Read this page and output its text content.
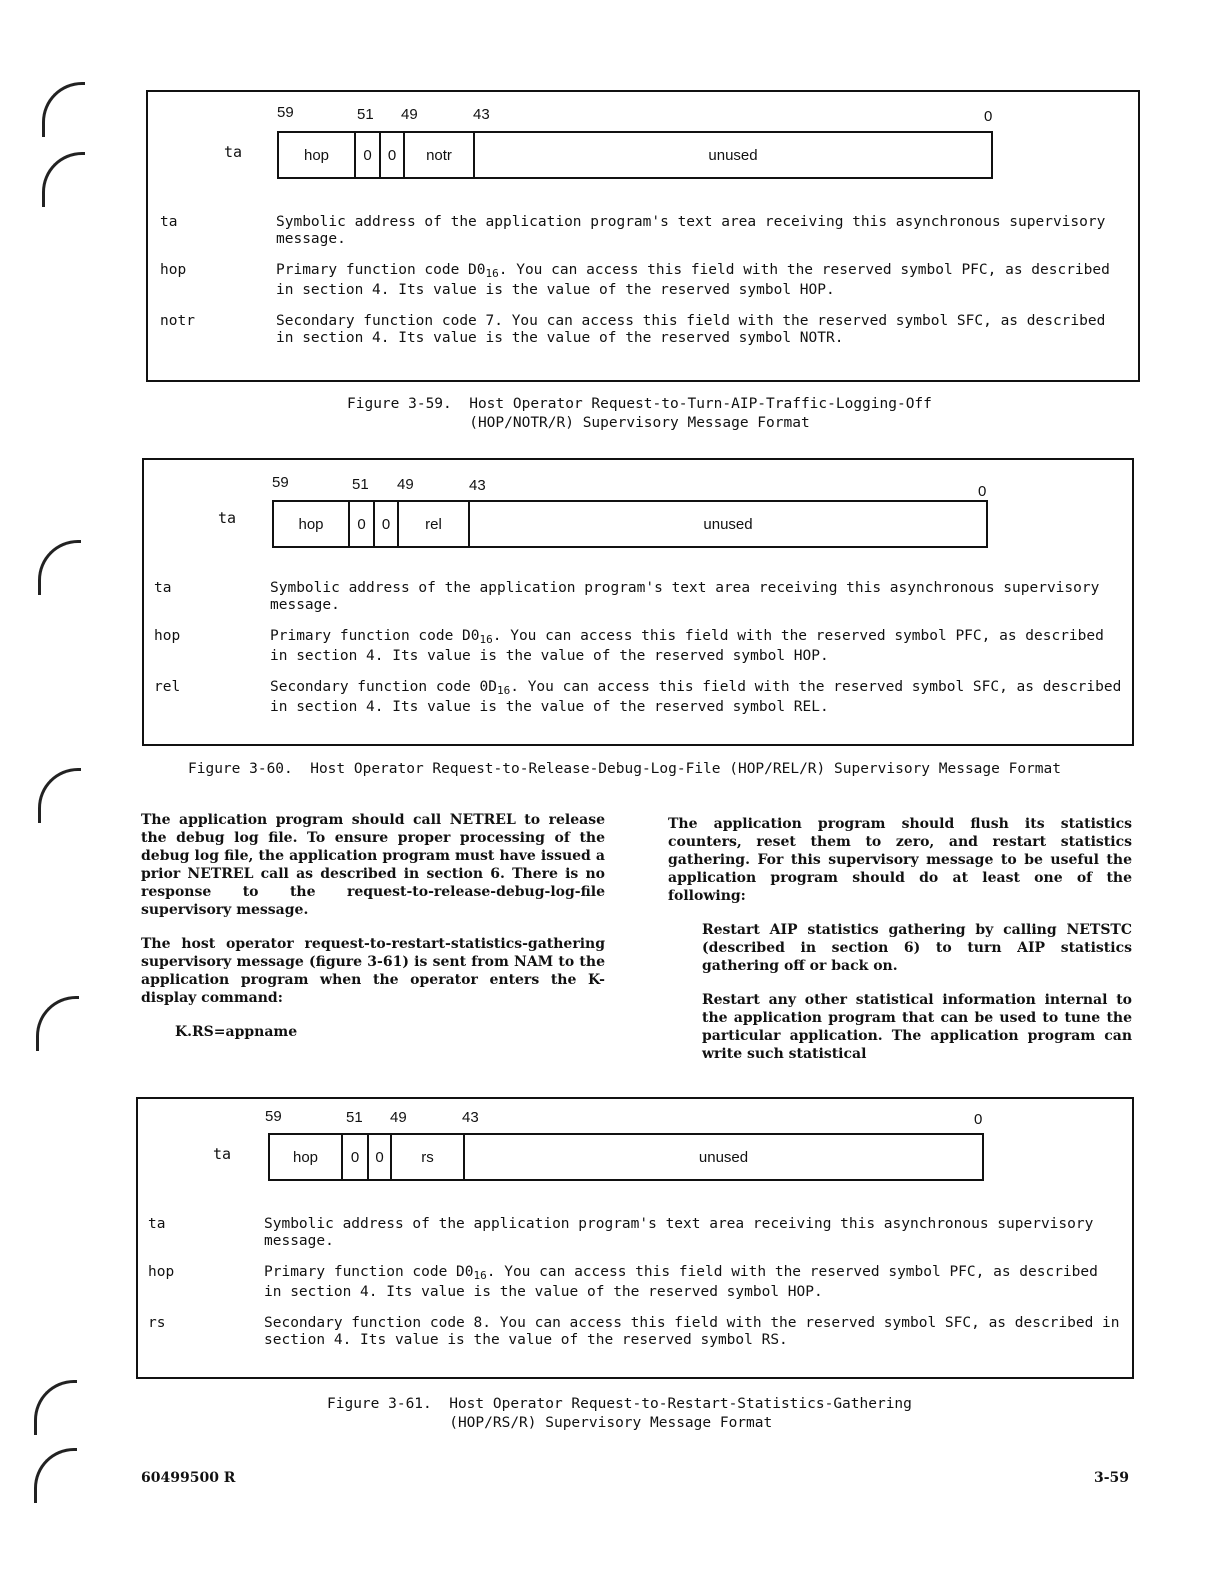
59	51 49	43	0
ta	hop	0	0	notr	unused
ta	Symbolic address of the application program's text area receiving this asynchronous supervisory message.
hop	Primary function code $D0_{16}$. You can access this field with the reserved symbol PFC, as described in section 4. Its value is the value of the reserved symbol HOP.
notr	Secondary function code 7. You can access this field with the reserved symbol SFC, as described in section 4. Its value is the value of the reserved symbol NOTR.
Figure 3-59.  Host Operator Request-to-Turn-AIP-Traffic-Logging-Off
(HOP/NOTR/R) Supervisory Message Format
59	51 49	43	0
ta	hop	0	0	rel	unused
ta	Symbolic address of the application program's text area receiving this asynchronous supervisory message.
hop	Primary function code $D0_{16}$. You can access this field with the reserved symbol PFC, as described in section 4. Its value is the value of the reserved symbol HOP.
rel	Secondary function code $0D_{16}$. You can access this field with the reserved symbol SFC, as described in section 4. Its value is the value of the reserved symbol REL.
Figure 3-60.  Host Operator Request-to-Release-Debug-Log-File (HOP/REL/R) Supervisory Message Format

The application program should call NETREL to release the debug log file. To ensure proper processing of the debug log file, the application program must have issued a prior NETREL call as described in section 6. There is no response to the request-to-release-debug-log-file supervisory message.

The host operator request-to-restart-statistics-gathering supervisory message (figure 3-61) is sent from NAM to the application program when the operator enters the K-display command:

K.RS=appname

The application program should flush its statistics counters, reset them to zero, and restart statistics gathering. For this supervisory message to be useful the application program should do at least one of the following:

Restart AIP statistics gathering by calling NETSTC (described in section 6) to turn AIP statistics gathering off or back on.

Restart any other statistical information internal to the application program that can be used to tune the particular application. The application program can write such statistical

59	51 49	43	0
ta	hop	0	0	rs	unused
ta	Symbolic address of the application program's text area receiving this asynchronous supervisory message.
hop	Primary function code $D0_{16}$. You can access this field with the reserved symbol PFC, as described in section 4. Its value is the value of the reserved symbol HOP.
rs	Secondary function code 8. You can access this field with the reserved symbol SFC, as described in section 4. Its value is the value of the reserved symbol RS.
Figure 3-61.  Host Operator Request-to-Restart-Statistics-Gathering
(HOP/RS/R) Supervisory Message Format
60499500 R	3-59
